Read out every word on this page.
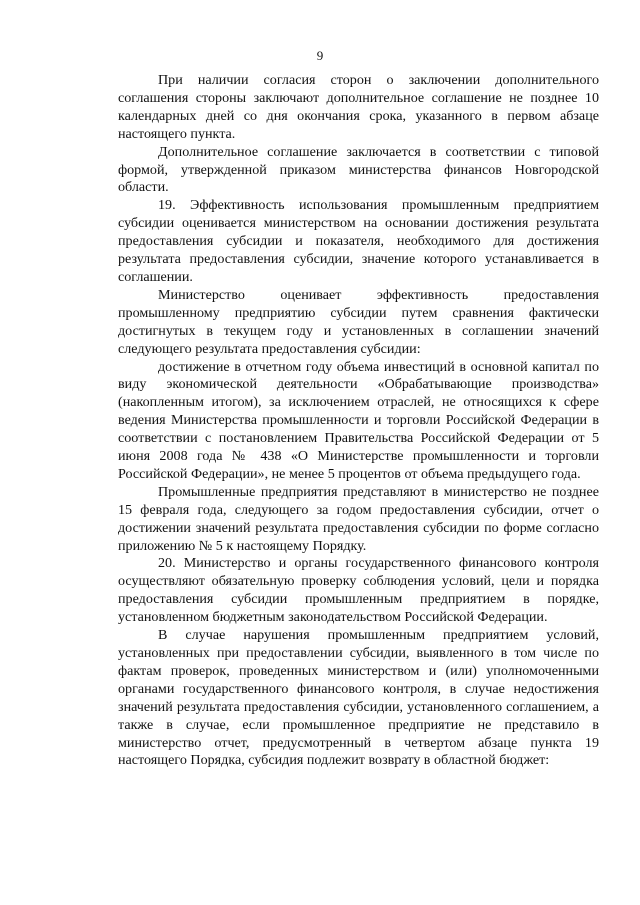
9

При наличии согласия сторон о заключении дополнительного соглашения стороны заключают дополнительное соглашение не позднее 10 календарных дней со дня окончания срока, указанного в первом абзаце настоящего пункта.

Дополнительное соглашение заключается в соответствии с типовой формой, утвержденной приказом министерства финансов Новгородской области.

19. Эффективность использования промышленным предприятием субсидии оценивается министерством на основании достижения результата предоставления субсидии и показателя, необходимого для достижения результата предоставления субсидии, значение которого устанавливается в соглашении.

Министерство оценивает эффективность предоставления промышленному предприятию субсидии путем сравнения фактически достигнутых в текущем году и установленных в соглашении значений следующего результата предоставления субсидии:

достижение в отчетном году объема инвестиций в основной капитал по виду экономической деятельности «Обрабатывающие производства» (накопленным итогом), за исключением отраслей, не относящихся к сфере ведения Министерства промышленности и торговли Российской Федерации в соответствии с постановлением Правительства Российской Федерации от 5 июня 2008 года № 438 «О Министерстве промышленности и торговли Российской Федерации», не менее 5 процентов от объема предыдущего года.

Промышленные предприятия представляют в министерство не позднее 15 февраля года, следующего за годом предоставления субсидии, отчет о достижении значений результата предоставления субсидии по форме согласно приложению № 5 к настоящему Порядку.

20. Министерство и органы государственного финансового контроля осуществляют обязательную проверку соблюдения условий, цели и порядка предоставления субсидии промышленным предприятием в порядке, установленном бюджетным законодательством Российской Федерации.

В случае нарушения промышленным предприятием условий, установленных при предоставлении субсидии, выявленного в том числе по фактам проверок, проведенных министерством и (или) уполномоченными органами государственного финансового контроля, в случае недостижения значений результата предоставления субсидии, установленного соглашением, а также в случае, если промышленное предприятие не представило в министерство отчет, предусмотренный в четвертом абзаце пункта 19 настоящего Порядка, субсидия подлежит возврату в областной бюджет:
